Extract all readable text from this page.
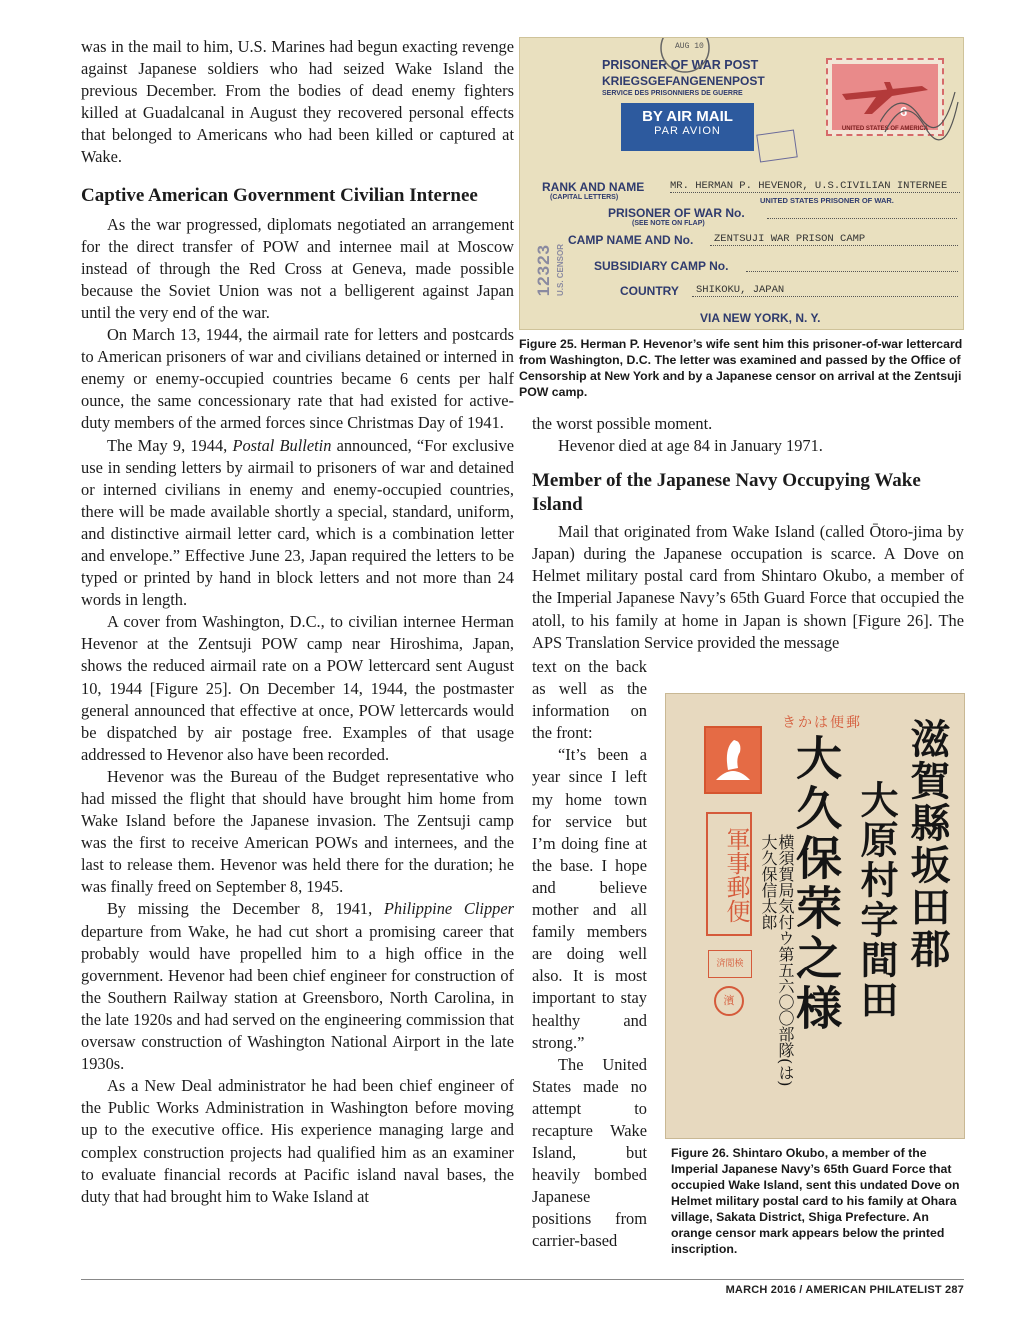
was in the mail to him, U.S. Marines had begun exacting revenge against Japanese soldiers who had seized Wake Island the previous December. From the bodies of dead enemy fighters killed at Guadalcanal in August they recovered personal effects that belonged to Americans who had been killed or captured at Wake.

Captive American Government Civilian Internee

As the war progressed, diplomats negotiated an arrangement for the direct transfer of POW and internee mail at Moscow instead of through the Red Cross at Geneva, made possible because the Soviet Union was not a belligerent against Japan until the very end of the war.

On March 13, 1944, the airmail rate for letters and postcards to American prisoners of war and civilians detained or interned in enemy or enemy-occupied countries became 6 cents per half ounce, the same concessionary rate that had existed for active-duty members of the armed forces since Christmas Day of 1941.

The May 9, 1944, Postal Bulletin announced, “For exclusive use in sending letters by airmail to prisoners of war and detained or interned civilians in enemy and enemy-occupied countries, there will be made available shortly a special, standard, uniform, and distinctive airmail letter card, which is a combination letter and envelope.” Effective June 23, Japan required the letters to be typed or printed by hand in block letters and not more than 24 words in length.

A cover from Washington, D.C., to civilian internee Herman Hevenor at the Zentsuji POW camp near Hiroshima, Japan, shows the reduced airmail rate on a POW lettercard sent August 10, 1944 [Figure 25]. On December 14, 1944, the postmaster general announced that effective at once, POW lettercards would be dispatched by air postage free. Examples of that usage addressed to Hevenor also have been recorded.

Hevenor was the Bureau of the Budget representative who had missed the flight that should have brought him home from Wake Island before the Japanese invasion. The Zentsuji camp was the first to receive American POWs and internees, and the last to release them. Hevenor was held there for the duration; he was finally freed on September 8, 1945.

By missing the December 8, 1941, Philippine Clipper departure from Wake, he had cut short a promising career that probably would have propelled him to a high office in the government. Hevenor had been chief engineer for construction of the Southern Railway station at Greensboro, North Carolina, in the late 1920s and had served on the engineering commission that oversaw construction of Washington National Airport in the late 1930s.

As a New Deal administrator he had been chief engineer of the Public Works Administration in Washington before moving up to the executive office. His experience managing large and complex construction projects had qualified him as an examiner to evaluate financial records at Pacific island naval bases, the duty that had brought him to Wake Island at

PRISONER OF WAR POST
KRIEGSGEFANGENENPOST
SERVICE DES PRISONNIERS DE GUERRE
AUG 10
BY AIR MAIL
PAR AVION
6
UNITED STATES OF AMERICA
RANK AND NAME
(CAPITAL LETTERS)
MR. HERMAN P. HEVENOR, U.S.CIVILIAN INTERNEE
UNITED STATES PRISONER OF WAR.
PRISONER OF WAR No.
(SEE NOTE ON FLAP)
CAMP NAME AND No. ZENTSUJI WAR PRISON CAMP
SUBSIDIARY CAMP No.
COUNTRY SHIKOKU, JAPAN
VIA NEW YORK, N. Y.
12323 U.S. CENSOR
Figure 25. Herman P. Hevenor’s wife sent him this prisoner-of-war lettercard from Washington, D.C. The letter was examined and passed by the Office of Censorship at New York and by a Japanese censor on arrival at the Zentsuji POW camp.

the worst possible moment.

Hevenor died at age 84 in January 1971.

Member of the Japanese Navy Occupying Wake Island

Mail that originated from Wake Island (called Ōtoro-jima by Japan) during the Japanese occupation is scarce. A Dove on Helmet military postal card from Shintaro Okubo, a member of the Imperial Japanese Navy’s 65th Guard Force that occupied the atoll, to his family at home in Japan is shown [Figure 26]. The APS Translation Service provided the message

text on the back as well as the information on the front:

“It’s been a year since I left my home town for service but I’m doing fine at the base. I hope and believe mother and all family members are doing well also. It is most important to stay healthy and strong.”

The United States made no attempt to recapture Wake Island, but heavily bombed Japanese positions from carrier-based

きかは便郵
軍事郵便
済閲検
濱
滋賀縣坂田郡
大原村字間田
大久保荣之様
横須賀局気付ウ第五六〇〇部隊(は)大久保信太郎
Figure 26. Shintaro Okubo, a member of the Imperial Japanese Navy’s 65th Guard Force that occupied Wake Island, sent this undated Dove on Helmet military postal card to his family at Ohara village, Sakata District, Shiga Prefecture. An orange censor mark appears below the printed inscription.
MARCH 2016 / AMERICAN PHILATELIST 287
